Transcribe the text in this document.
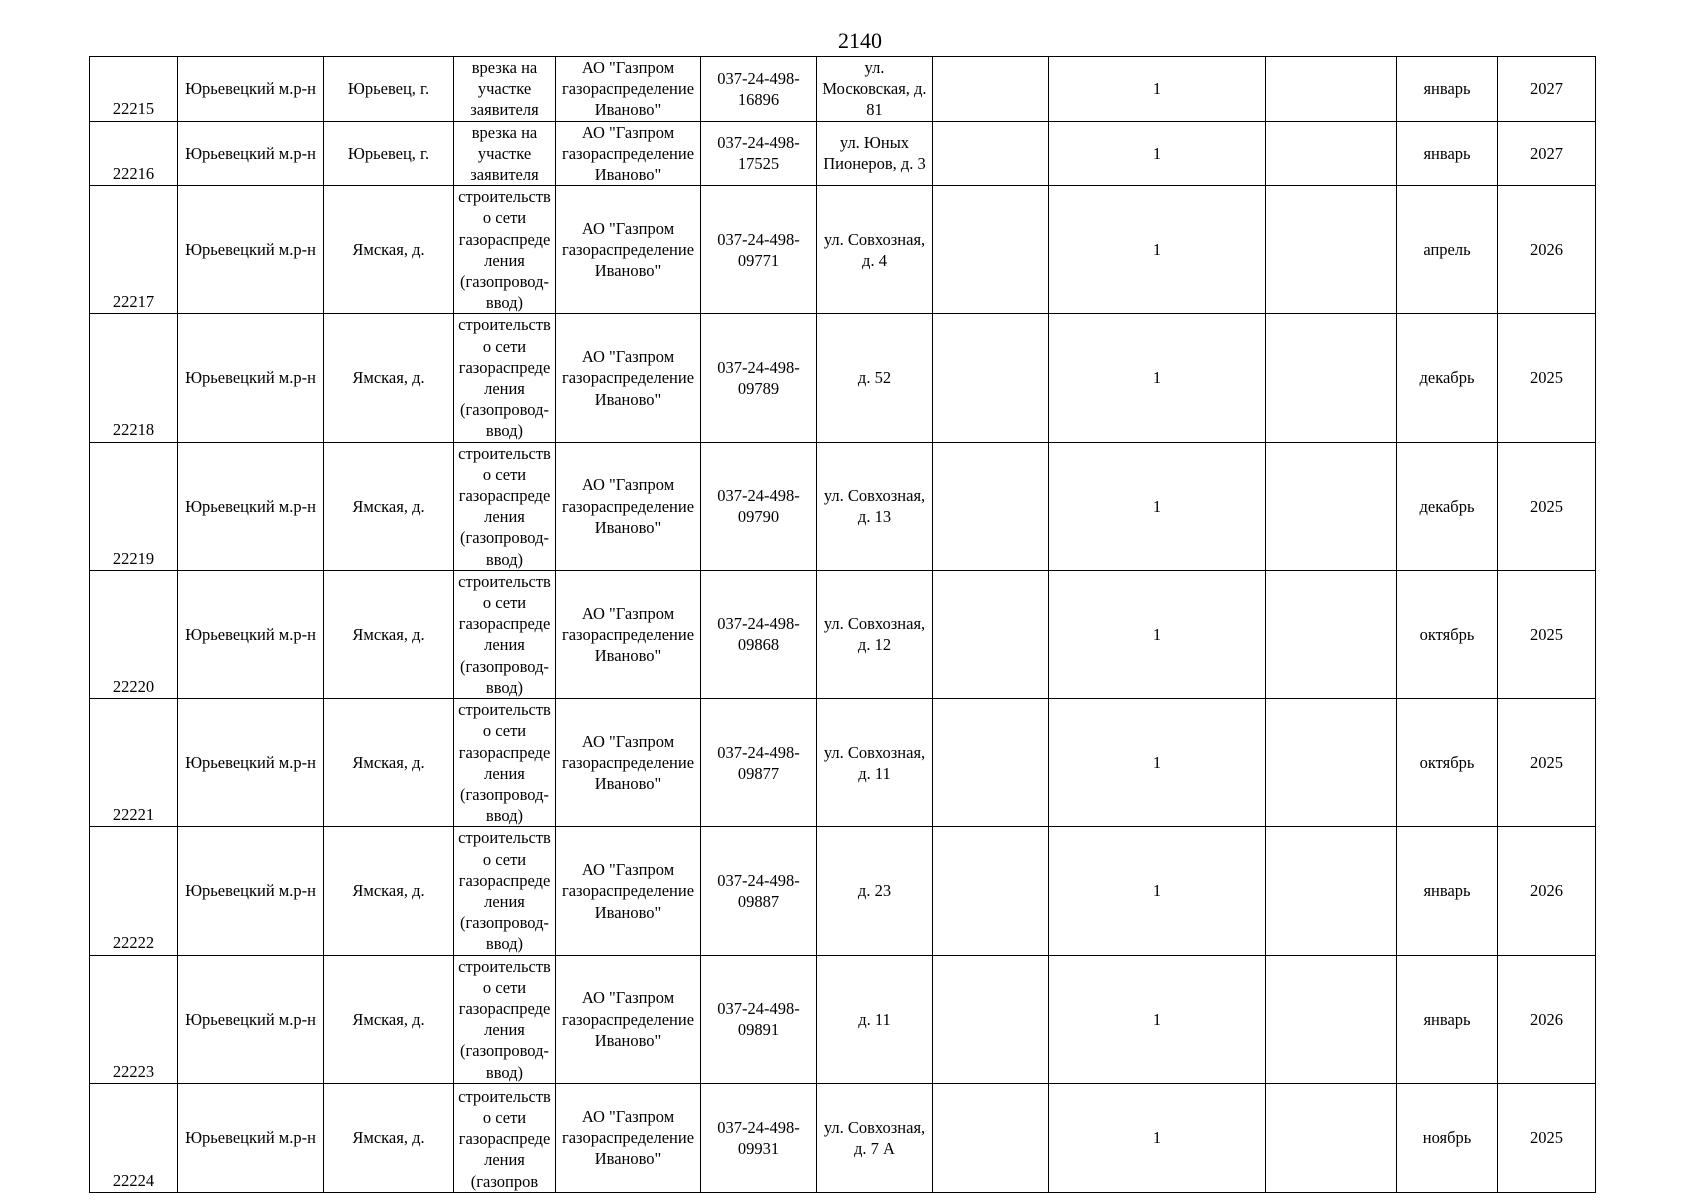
2140
22215	Юрьевецкий м.р-н	Юрьевец, г.	врезка на участке заявителя	АО "Газпром газораспределение Иваново"	037-24-498-16896	ул. Московская, д. 81		1		январь	2027
22216	Юрьевецкий м.р-н	Юрьевец, г.	врезка на участке заявителя	АО "Газпром газораспределение Иваново"	037-24-498-17525	ул. Юных Пионеров, д. 3		1		январь	2027
22217	Юрьевецкий м.р-н	Ямская, д.	строительство сети газораспределения (газопровод-ввод)	АО "Газпром газораспределение Иваново"	037-24-498-09771	ул. Совхозная, д. 4		1		апрель	2026
22218	Юрьевецкий м.р-н	Ямская, д.	строительство сети газораспределения (газопровод-ввод)	АО "Газпром газораспределение Иваново"	037-24-498-09789	д. 52		1		декабрь	2025
22219	Юрьевецкий м.р-н	Ямская, д.	строительство сети газораспределения (газопровод-ввод)	АО "Газпром газораспределение Иваново"	037-24-498-09790	ул. Совхозная, д. 13		1		декабрь	2025
22220	Юрьевецкий м.р-н	Ямская, д.	строительство сети газораспределения (газопровод-ввод)	АО "Газпром газораспределение Иваново"	037-24-498-09868	ул. Совхозная, д. 12		1		октябрь	2025
22221	Юрьевецкий м.р-н	Ямская, д.	строительство сети газораспределения (газопровод-ввод)	АО "Газпром газораспределение Иваново"	037-24-498-09877	ул. Совхозная, д. 11		1		октябрь	2025
22222	Юрьевецкий м.р-н	Ямская, д.	строительство сети газораспределения (газопровод-ввод)	АО "Газпром газораспределение Иваново"	037-24-498-09887	д. 23		1		январь	2026
22223	Юрьевецкий м.р-н	Ямская, д.	строительство сети газораспределения (газопровод-ввод)	АО "Газпром газораспределение Иваново"	037-24-498-09891	д. 11		1		январь	2026
22224	Юрьевецкий м.р-н	Ямская, д.	строительство сети газораспределения (газопров	АО "Газпром газораспределение Иваново"	037-24-498-09931	ул. Совхозная, д. 7 А		1		ноябрь	2025
